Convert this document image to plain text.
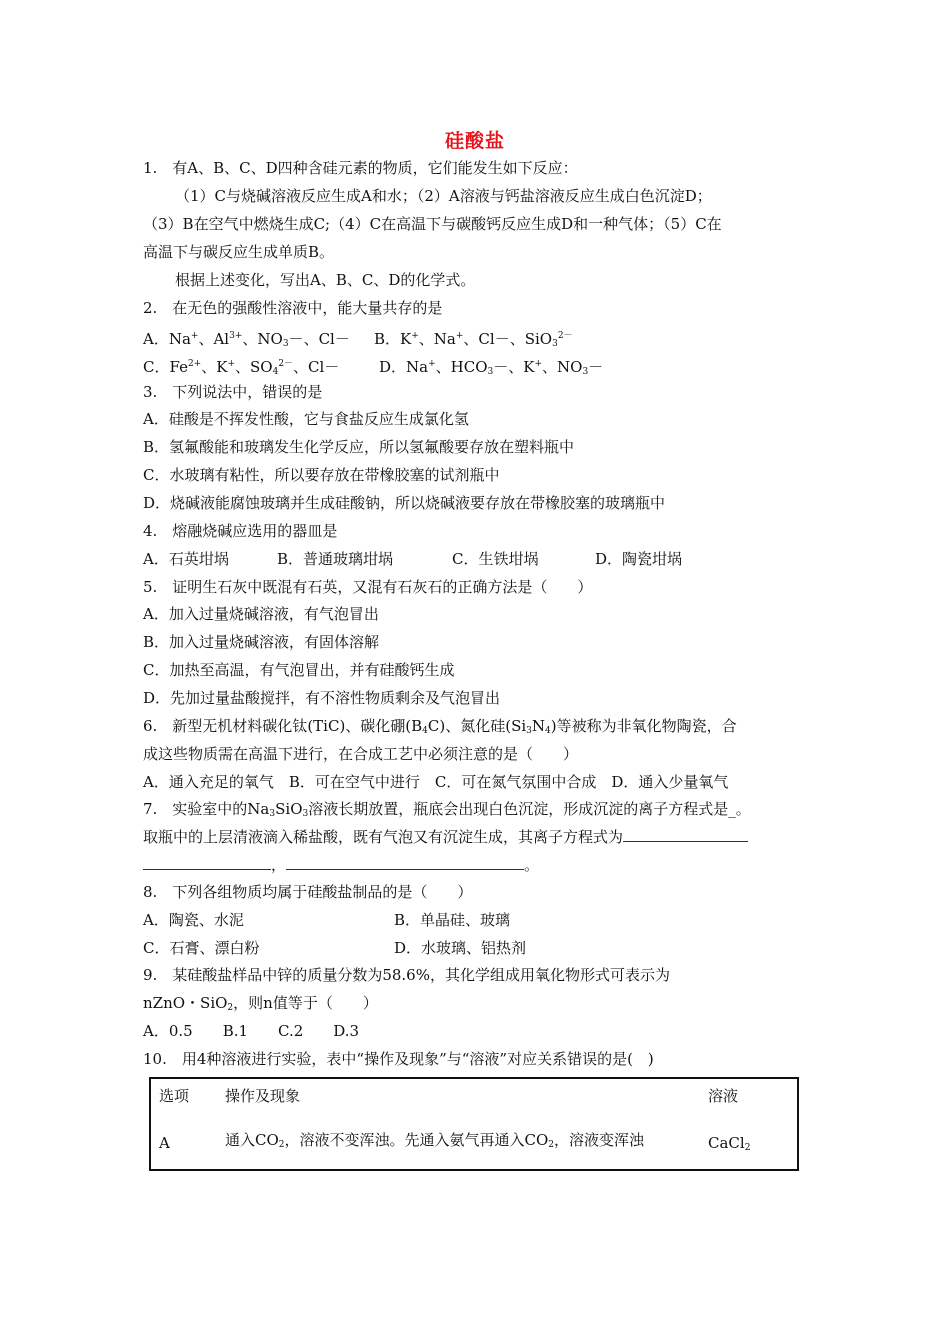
硅酸盐
1.　有A、B、C、D四种含硅元素的物质，它们能发生如下反应：
（1）C与烧碱溶液反应生成A和水；（2）A溶液与钙盐溶液反应生成白色沉淀D；
（3）B在空气中燃烧生成C;（4）C在高温下与碳酸钙反应生成D和一种气体；（5）C在
高温下与碳反应生成单质B。
根据上述变化，写出A、B、C、D的化学式。
2.　在无色的强酸性溶液中，能大量共存的是
A．Na+、$Al^{3+}$、$NO_3-$、Cl－ B．K+、Na+、Cl－、SiO$_3^{2-}$
C．$Fe^{2+}$、K+、$SO_4^{2-}$、Cl－	D．Na+、$HCO_3-$、K+、$NO_3-$
3.　下列说法中，错误的是
A．硅酸是不挥发性酸，它与食盐反应生成氯化氢
B．氢氟酸能和玻璃发生化学反应，所以氢氟酸要存放在塑料瓶中
C．水玻璃有粘性，所以要存放在带橡胶塞的试剂瓶中
D．烧碱液能腐蚀玻璃并生成硅酸钠，所以烧碱液要存放在带橡胶塞的玻璃瓶中
4.　熔融烧碱应选用的器皿是
A．石英坩埚	B．普通玻璃坩埚	C．生铁坩埚	D．陶瓷坩埚
5.　证明生石灰中既混有石英，又混有石灰石的正确方法是（　　）
A．加入过量烧碱溶液，有气泡冒出
B．加入过量烧碱溶液，有固体溶解
C．加热至高温，有气泡冒出，并有硅酸钙生成
D．先加过量盐酸搅拌，有不溶性物质剩余及气泡冒出
6.　新型无机材料碳化钛(TiC)、碳化硼$(B_4C)$、氮化硅$(Si_3N_4)$等被称为非氧化物陶瓷，合
成这些物质需在高温下进行，在合成工艺中必须注意的是（　　）
A．通入充足的氧气　B．可在空气中进行　C．可在氮气氛围中合成　D．通入少量氧气
7.　实验室中的$Na_3SiO_3$溶液长期放置，瓶底会出现白色沉淀，形成沉淀的离子方程式是_。
取瓶中的上层清液滴入稀盐酸，既有气泡又有沉淀生成，其离子方程式为
，	。
8.　下列各组物质均属于硅酸盐制品的是（　　）
A．陶瓷、水泥	B．单晶硅、玻璃
C．石膏、漂白粉	D．水玻璃、铝热剂
9.　某硅酸盐样品中锌的质量分数为58.6%，其化学组成用氧化物形式可表示为
nZnO・SiO$_2$，则n值等于（　　）
A．0.5　　B.1　　C.2　　D.3
10.　用4种溶液进行实验，表中“操作及现象”与“溶液”对应关系错误的是(　)
选项 操作及现象	溶液
A	通入$CO_2$，溶液不变浑浊。先通入氨气再通入$CO_2$，溶液变浑浊	CaCl$_2$
